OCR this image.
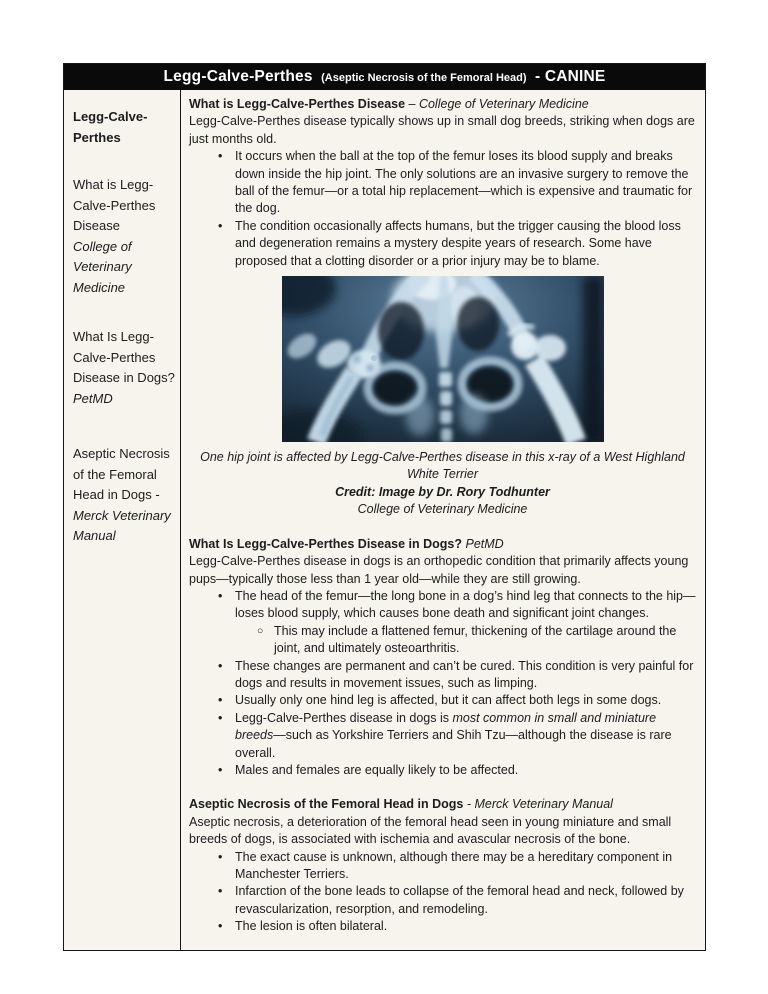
Legg-Calve-Perthes (Aseptic Necrosis of the Femoral Head) - CANINE
Legg-Calve-Perthes
What is Legg-Calve-Perthes Disease
College of Veterinary Medicine
What Is Legg-Calve-Perthes Disease in Dogs?
PetMD
Aseptic Necrosis of the Femoral Head in Dogs -
Merck Veterinary Manual
What is Legg-Calve-Perthes Disease – College of Veterinary Medicine
Legg-Calve-Perthes disease typically shows up in small dog breeds, striking when dogs are just months old.
•	It occurs when the ball at the top of the femur loses its blood supply and breaks down inside the hip joint. The only solutions are an invasive surgery to remove the ball of the femur—or a total hip replacement—which is expensive and traumatic for the dog.
•	The condition occasionally affects humans, but the trigger causing the blood loss and degeneration remains a mystery despite years of research. Some have proposed that a clotting disorder or a prior injury may be to blame.
One hip joint is affected by Legg-Calve-Perthes disease in this x-ray of a West Highland White Terrier
Credit: Image by Dr. Rory Todhunter
College of Veterinary Medicine
What Is Legg-Calve-Perthes Disease in Dogs? PetMD
Legg-Calve-Perthes disease in dogs is an orthopedic condition that primarily affects young pups—typically those less than 1 year old—while they are still growing.
•	The head of the femur—the long bone in a dog’s hind leg that connects to the hip—loses blood supply, which causes bone death and significant joint changes.
○ This may include a flattened femur, thickening of the cartilage around the joint, and ultimately osteoarthritis.
•	These changes are permanent and can’t be cured. This condition is very painful for dogs and results in movement issues, such as limping.
•	Usually only one hind leg is affected, but it can affect both legs in some dogs.
•	Legg-Calve-Perthes disease in dogs is most common in small and miniature breeds—such as Yorkshire Terriers and Shih Tzu—although the disease is rare overall.
•	Males and females are equally likely to be affected.
Aseptic Necrosis of the Femoral Head in Dogs - Merck Veterinary Manual
Aseptic necrosis, a deterioration of the femoral head seen in young miniature and small breeds of dogs, is associated with ischemia and avascular necrosis of the bone.
•	The exact cause is unknown, although there may be a hereditary component in Manchester Terriers.
•	Infarction of the bone leads to collapse of the femoral head and neck, followed by revascularization, resorption, and remodeling.
•	The lesion is often bilateral.
